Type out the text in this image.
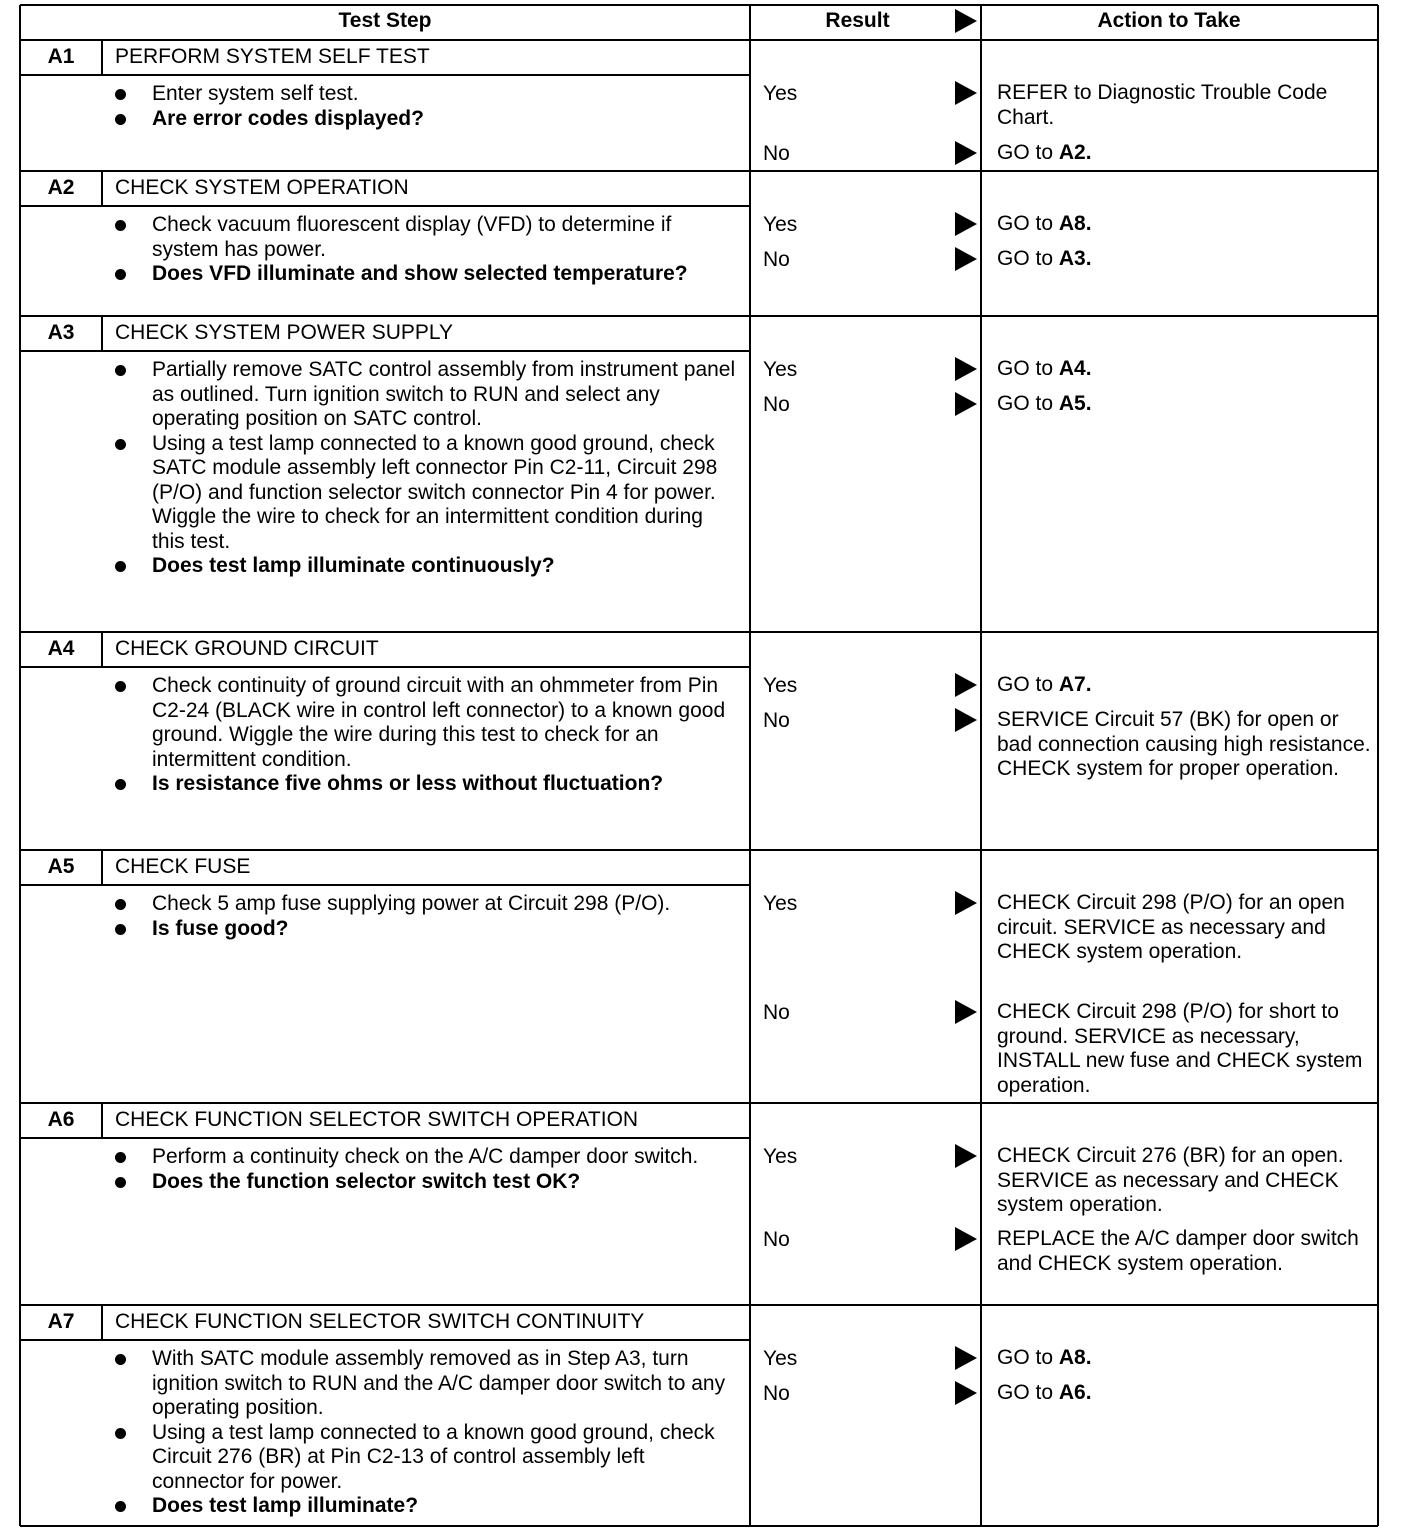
Test Step	Result	Action to Take
A1	PERFORM SYSTEM SELF TEST
Enter system self test.
Are error codes displayed?
Yes	REFER to Diagnostic Trouble Code Chart.
No	GO to A2.
A2	CHECK SYSTEM OPERATION
Check vacuum fluorescent display (VFD) to determine if system has power.
Does VFD illuminate and show selected temperature?
Yes	GO to A8.
No	GO to A3.
A3	CHECK SYSTEM POWER SUPPLY
Partially remove SATC control assembly from instrument panel as outlined. Turn ignition switch to RUN and select any operating position on SATC control.
Using a test lamp connected to a known good ground, check SATC module assembly left connector Pin C2-11, Circuit 298 (P/O) and function selector switch connector Pin 4 for power. Wiggle the wire to check for an intermittent condition during this test.
Does test lamp illuminate continuously?
Yes	GO to A4.
No	GO to A5.
A4	CHECK GROUND CIRCUIT
Check continuity of ground circuit with an ohmmeter from Pin C2-24 (BLACK wire in control left connector) to a known good ground. Wiggle the wire during this test to check for an intermittent condition.
Is resistance five ohms or less without fluctuation?
Yes	GO to A7.
No	SERVICE Circuit 57 (BK) for open or bad connection causing high resistance. CHECK system for proper operation.
A5	CHECK FUSE
Check 5 amp fuse supplying power at Circuit 298 (P/O).
Is fuse good?
Yes	CHECK Circuit 298 (P/O) for an open circuit. SERVICE as necessary and CHECK system operation.
No	CHECK Circuit 298 (P/O) for short to ground. SERVICE as necessary, INSTALL new fuse and CHECK system operation.
A6	CHECK FUNCTION SELECTOR SWITCH OPERATION
Perform a continuity check on the A/C damper door switch.
Does the function selector switch test OK?
Yes	CHECK Circuit 276 (BR) for an open. SERVICE as necessary and CHECK system operation.
No	REPLACE the A/C damper door switch and CHECK system operation.
A7	CHECK FUNCTION SELECTOR SWITCH CONTINUITY
With SATC module assembly removed as in Step A3, turn ignition switch to RUN and the A/C damper door switch to any operating position.
Using a test lamp connected to a known good ground, check Circuit 276 (BR) at Pin C2-13 of control assembly left connector for power.
Does test lamp illuminate?
Yes	GO to A8.
No	GO to A6.
